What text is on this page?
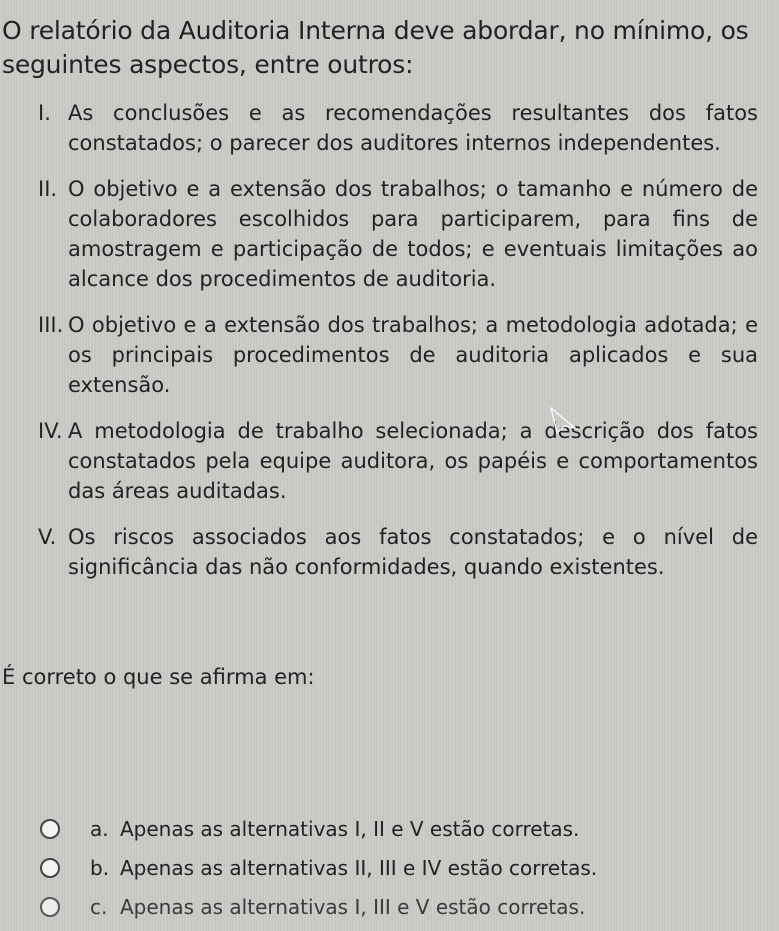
O relatório da Auditoria Interna deve abordar, no mínimo, os seguintes aspectos, entre outros:
I. As conclusões e as recomendações resultantes dos fatos constatados; o parecer dos auditores internos independentes.
II. O objetivo e a extensão dos trabalhos; o tamanho e número de colaboradores escolhidos para participarem, para fins de amostragem e participação de todos; e eventuais limitações ao alcance dos procedimentos de auditoria.
III. O objetivo e a extensão dos trabalhos; a metodologia adotada; e os principais procedimentos de auditoria aplicados e sua extensão.
IV. A metodologia de trabalho selecionada; a descrição dos fatos constatados pela equipe auditora, os papéis e comportamentos das áreas auditadas.
V. Os riscos associados aos fatos constatados; e o nível de significância das não conformidades, quando existentes.
É correto o que se afirma em:
a. Apenas as alternativas I, II e V estão corretas.
b. Apenas as alternativas II, III e IV estão corretas.
c. Apenas as alternativas I, III e V estão corretas.
